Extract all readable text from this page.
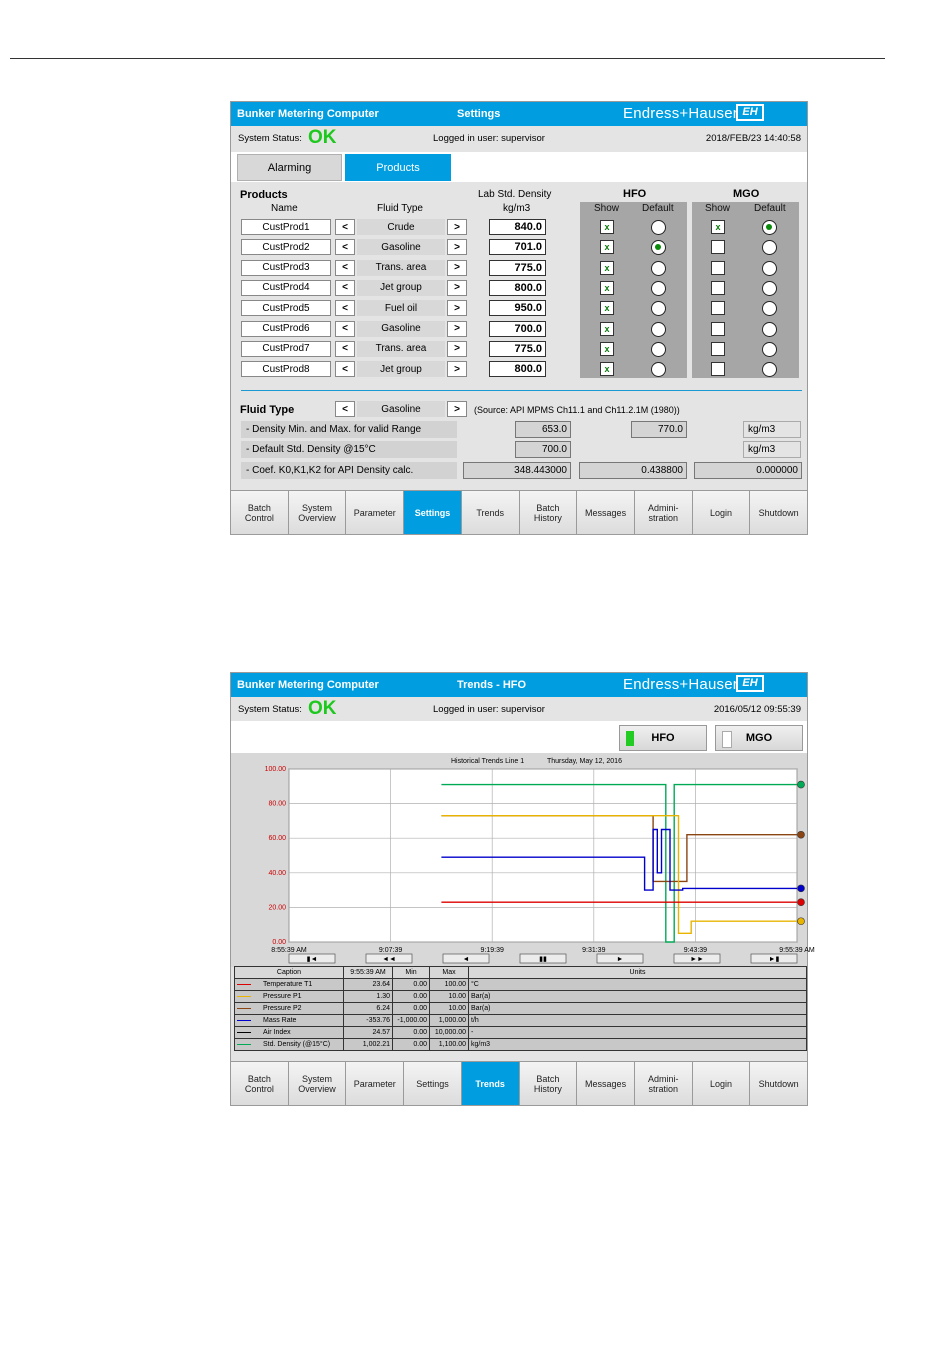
Bunker Metering Computer	Settings	Endress+Hauser EH
System Status: OK	Logged in user: supervisor	2018/FEB/23 14:40:58
Alarming	Products
Products
Name	Fluid Type
Lab Std. Density
kg/m3
HFO	MGO
Show Default	Show Default
CustProd1	<	Crude	>	840.0	x	x
CustProd2	<	Gasoline	>	701.0	x
CustProd3	<	Trans. area	>	775.0	x
CustProd4	<	Jet group	>	800.0	x
CustProd5	<	Fuel oil	>	950.0	x
CustProd6	<	Gasoline	>	700.0	x
CustProd7	<	Trans. area	>	775.0	x
CustProd8	<	Jet group	>	800.0	x
Fluid Type	<	Gasoline	>	(Source: API MPMS Ch11.1 and Ch11.2.1M (1980))
- Density Min. and Max. for valid Range	653.0	770.0	kg/m3
- Default Std. Density @15°C	700.0	kg/m3
- Coef. K0,K1,K2 for API Density calc.	348.443000	0.438800	0.000000
Batch
Control
System
Overview	Parameter	Settings	Trends	Batch
History	Messages	Admini-
stration	Login	Shutdown
Bunker Metering Computer	Trends - HFO	Endress+Hauser EH
System Status: OK	Logged in user: supervisor	2016/05/12 09:55:39
HFO	MGO
Historical Trends Line 1	Thursday, May 12, 2016
0.00
20.00
40.00
60.00
80.00
100.00
8:55:39 AM	9:07:39	9:19:39	9:31:39	9:43:39	9:55:39 AM
▮◄	◄◄	◄	▮▮	►	►►	►▮
Caption	9:55:39 AM	Min	Max	Units
Temperature T1	23.64	0.00	100.00	°C
Pressure P1	1.30	0.00	10.00	Bar(a)
Pressure P2	6.24	0.00	10.00	Bar(a)
Mass Rate	-353.76	-1,000.00	1,000.00	t/h
Air Index	24.57	0.00	10,000.00	-
Std. Density (@15°C)	1,002.21	0.00	1,100.00	kg/m3
Batch
Control
System
Overview	Parameter	Settings	Trends	Batch
History	Messages	Admini-
stration	Login	Shutdown
